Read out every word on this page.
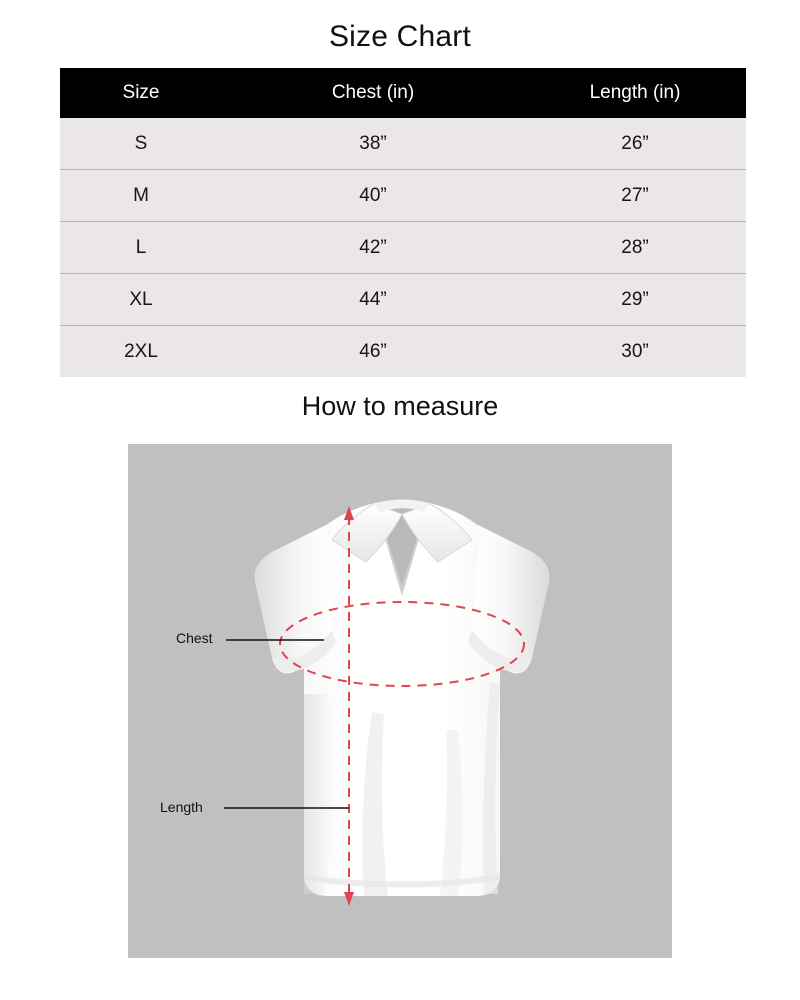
Size Chart
Size	Chest (in)	Length (in)
S	38”	26”
M	40”	27”
L	42”	28”
XL	44”	29”
2XL	46”	30”
How to measure
Chest
Length
